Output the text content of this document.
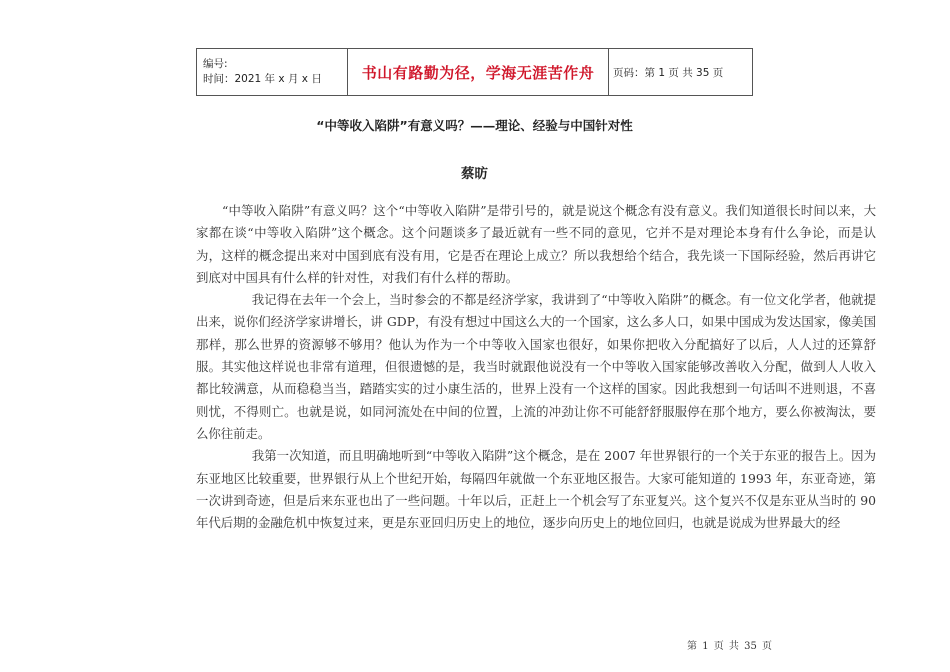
编号:
时间：2021 年 x 月 x 日	书山有路勤为径，学海无涯苦作舟	页码：第 1 页 共 35 页
“中等收入陷阱”有意义吗？——理论、经验与中国针对性
蔡昉

“中等收入陷阱”有意义吗？这个“中等收入陷阱”是带引号的，就是说这个概念有没有意义。我们知道很长时间以来，大家都在谈“中等收入陷阱”这个概念。这个问题谈多了最近就有一些不同的意见，它并不是对理论本身有什么争论，而是认为，这样的概念提出来对中国到底有没有用，它是否在理论上成立？所以我想给个结合，我先谈一下国际经验，然后再讲它到底对中国具有什么样的针对性，对我们有什么样的帮助。

我记得在去年一个会上，当时参会的不都是经济学家，我讲到了“中等收入陷阱”的概念。有一位文化学者，他就提出来，说你们经济学家讲增长，讲 GDP，有没有想过中国这么大的一个国家，这么多人口，如果中国成为发达国家，像美国那样，那么世界的资源够不够用？他认为作为一个中等收入国家也很好，如果你把收入分配搞好了以后，人人过的还算舒服。其实他这样说也非常有道理，但很遗憾的是，我当时就跟他说没有一个中等收入国家能够改善收入分配，做到人人收入都比较满意，从而稳稳当当，踏踏实实的过小康生活的，世界上没有一个这样的国家。因此我想到一句话叫不进则退，不喜则忧，不得则亡。也就是说，如同河流处在中间的位置，上流的冲劲让你不可能舒舒服服停在那个地方，要么你被淘汰，要么你往前走。

我第一次知道，而且明确地听到“中等收入陷阱”这个概念，是在 2007 年世界银行的一个关于东亚的报告上。因为东亚地区比较重要，世界银行从上个世纪开始，每隔四年就做一个东亚地区报告。大家可能知道的 1993 年，东亚奇迹，第一次讲到奇迹，但是后来东亚也出了一些问题。十年以后，正赶上一个机会写了东亚复兴。这个复兴不仅是东亚从当时的 90 年代后期的金融危机中恢复过来，更是东亚回归历史上的地位，逐步向历史上的地位回归，也就是说成为世界最大的经

第 1 页 共 35 页
